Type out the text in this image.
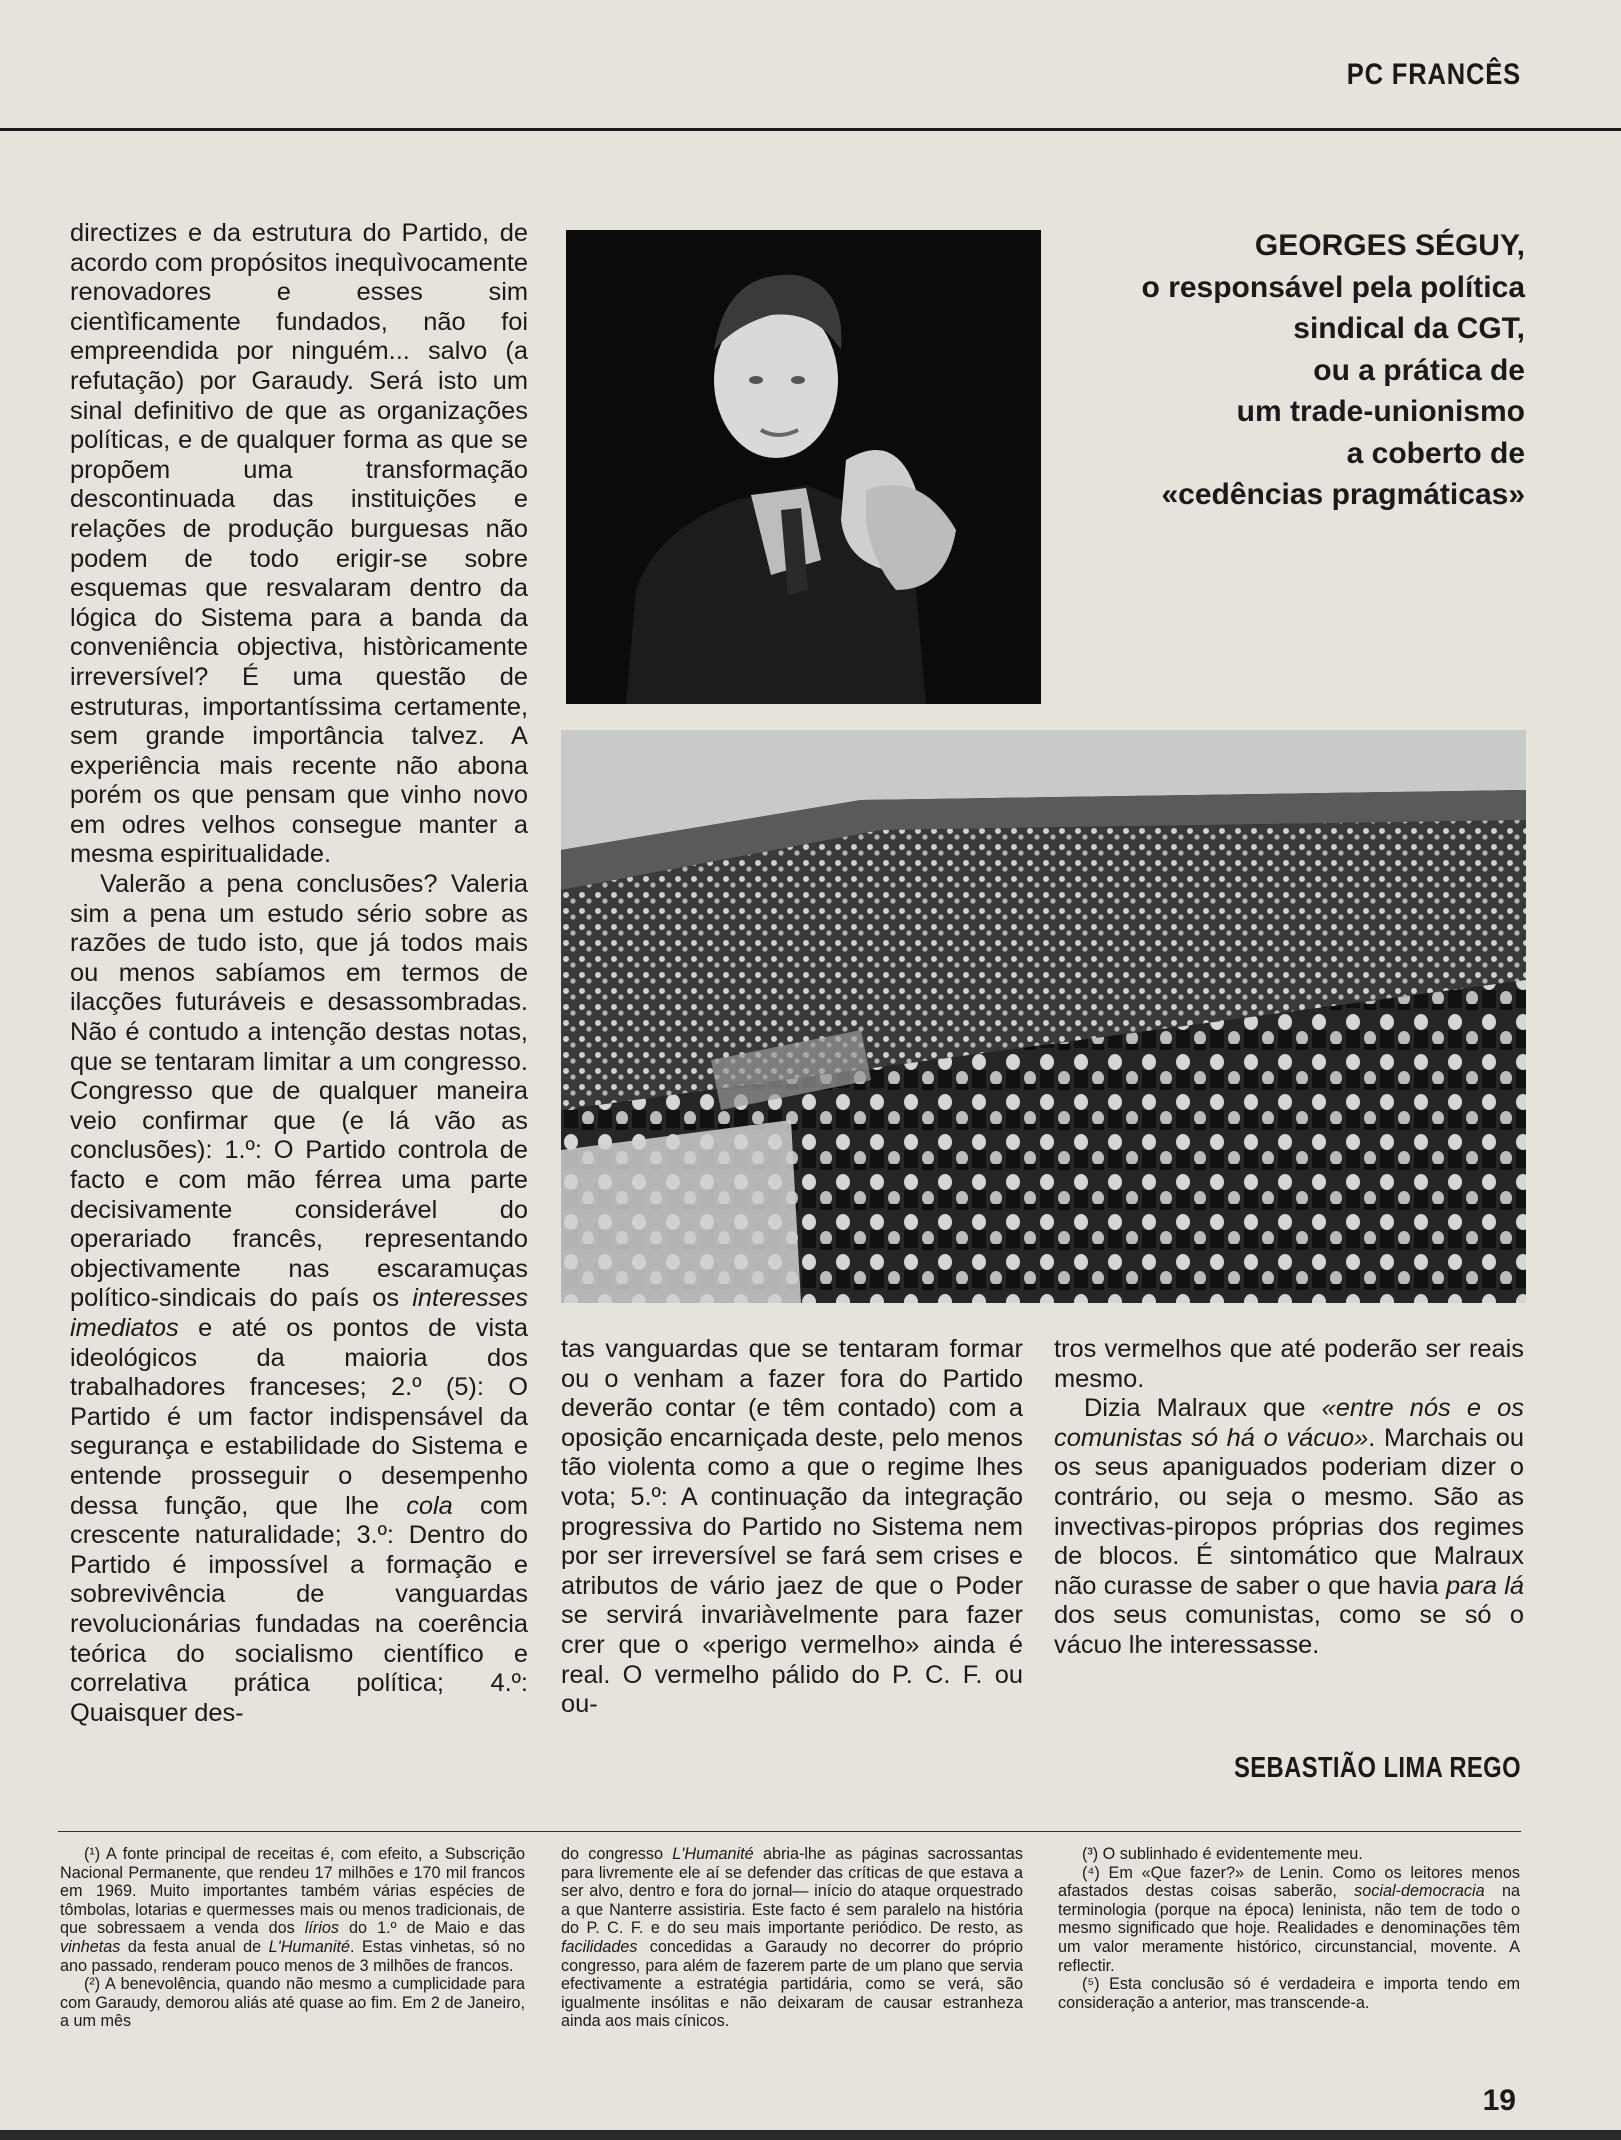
PC FRANCÊS

directizes e da estrutura do Partido, de acordo com propósitos inequìvocamente renovadores e esses sim cientìficamente fundados, não foi empreendida por ninguém... salvo (a refutação) por Garaudy. Será isto um sinal definitivo de que as organizações políticas, e de qualquer forma as que se propõem uma transformação descontinuada das instituições e relações de produção burguesas não podem de todo erigir-se sobre esquemas que resvalaram dentro da lógica do Sistema para a banda da conveniência objectiva, històricamente irreversível? É uma questão de estruturas, importantíssima certamente, sem grande importância talvez. A experiência mais recente não abona porém os que pensam que vinho novo em odres velhos consegue manter a mesma espiritualidade.

Valerão a pena conclusões? Valeria sim a pena um estudo sério sobre as razões de tudo isto, que já todos mais ou menos sabíamos em termos de ilacções futuráveis e desassombradas. Não é contudo a intenção destas notas, que se tentaram limitar a um congresso. Congresso que de qualquer maneira veio confirmar que (e lá vão as conclusões): 1.º: O Partido controla de facto e com mão férrea uma parte decisivamente considerável do operariado francês, representando objectivamente nas escaramuças político-sindicais do país os interesses imediatos e até os pontos de vista ideológicos da maioria dos trabalhadores franceses; 2.º (5): O Partido é um factor indispensável da segurança e estabilidade do Sistema e entende prosseguir o desempenho dessa função, que lhe cola com crescente naturalidade; 3.º: Dentro do Partido é impossível a formação e sobrevivência de vanguardas revolucionárias fundadas na coerência teórica do socialismo científico e correlativa prática política; 4.º: Quaisquer des-

GEORGES SÉGUY,
o responsável pela política
sindical da CGT,
ou a prática de
um trade-unionismo
a coberto de
«cedências pragmáticas»

tas vanguardas que se tentaram formar ou o venham a fazer fora do Partido deverão contar (e têm contado) com a oposição encarniçada deste, pelo menos tão violenta como a que o regime lhes vota; 5.º: A continuação da integração progressiva do Partido no Sistema nem por ser irreversível se fará sem crises e atributos de vário jaez de que o Poder se servirá invariàvelmente para fazer crer que o «perigo vermelho» ainda é real. O vermelho pálido do P. C. F. ou ou-

tros vermelhos que até poderão ser reais mesmo.

Dizia Malraux que «entre nós e os comunistas só há o vácuo». Marchais ou os seus apaniguados poderiam dizer o contrário, ou seja o mesmo. São as invectivas-piropos próprias dos regimes de blocos. É sintomático que Malraux não curasse de saber o que havia para lá dos seus comunistas, como se só o vácuo lhe interessasse.

SEBASTIÃO LIMA REGO

(¹) A fonte principal de receitas é, com efeito, a Subscrição Nacional Permanente, que rendeu 17 milhões e 170 mil francos em 1969. Muito importantes também várias espécies de tômbolas, lotarias e quermesses mais ou menos tradicionais, de que sobressaem a venda dos lírios do 1.º de Maio e das vinhetas da festa anual de L'Humanité. Estas vinhetas, só no ano passado, renderam pouco menos de 3 milhões de francos.

(²) A benevolência, quando não mesmo a cumplicidade para com Garaudy, demorou aliás até quase ao fim. Em 2 de Janeiro, a um mês

do congresso L'Humanité abria-lhe as páginas sacrossantas para livremente ele aí se defender das críticas de que estava a ser alvo, dentro e fora do jornal— início do ataque orquestrado a que Nanterre assistiria. Este facto é sem paralelo na história do P. C. F. e do seu mais importante periódico. De resto, as facilidades concedidas a Garaudy no decorrer do próprio congresso, para além de fazerem parte de um plano que servia efectivamente a estratégia partidária, como se verá, são igualmente insólitas e não deixaram de causar estranheza ainda aos mais cínicos.

(³) O sublinhado é evidentemente meu.

(⁴) Em «Que fazer?» de Lenin. Como os leitores menos afastados destas coisas saberão, social-democracia na terminologia (porque na época) leninista, não tem de todo o mesmo significado que hoje. Realidades e denominações têm um valor meramente histórico, circunstancial, movente. A reflectir.

(⁵) Esta conclusão só é verdadeira e importa tendo em consideração a anterior, mas transcende-a.

19
